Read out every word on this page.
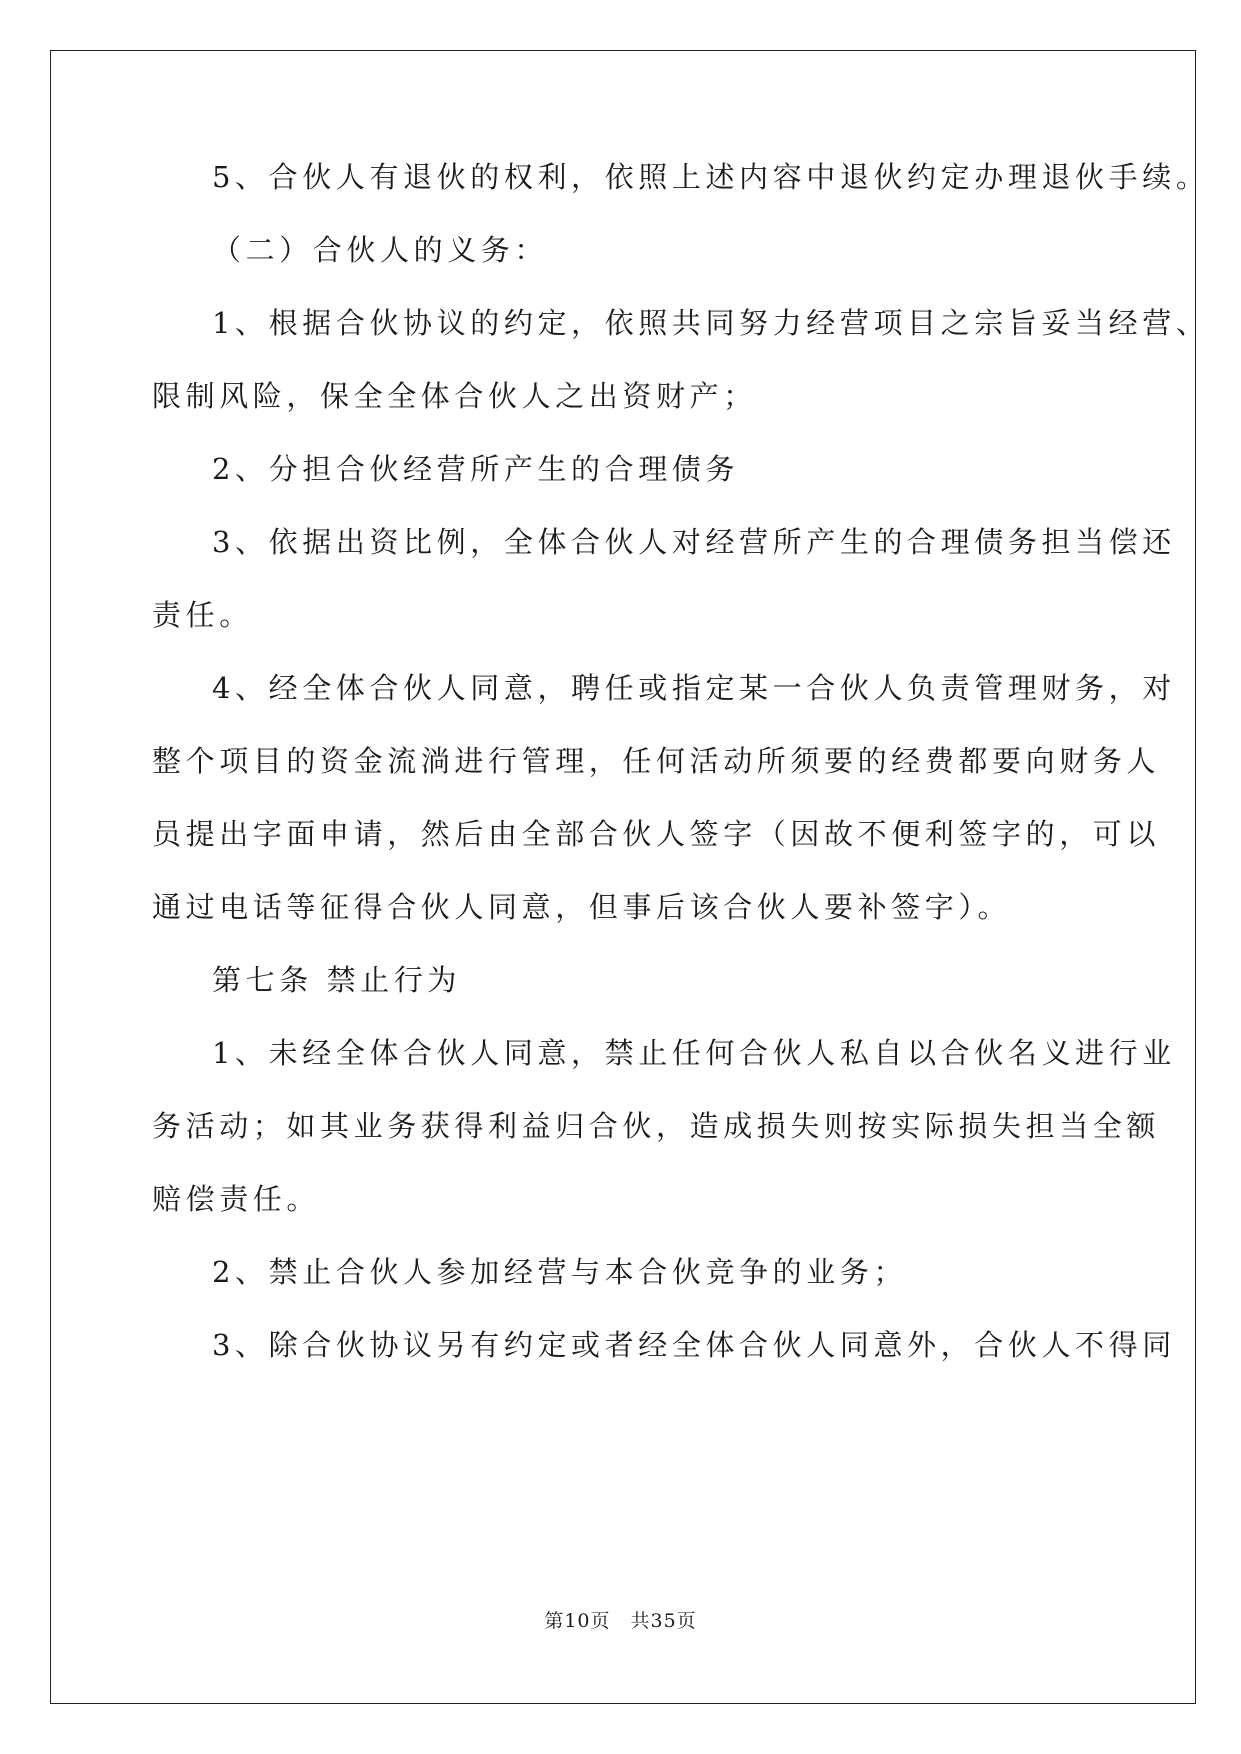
5、合伙人有退伙的权利，依照上述内容中退伙约定办理退伙手续。
（二）合伙人的义务：
1、根据合伙协议的约定，依照共同努力经营项目之宗旨妥当经营、
限制风险，保全全体合伙人之出资财产；
2、分担合伙经营所产生的合理债务
3、依据出资比例，全体合伙人对经营所产生的合理债务担当偿还
责任。
4、经全体合伙人同意，聘任或指定某一合伙人负责管理财务，对
整个项目的资金流淌进行管理，任何活动所须要的经费都要向财务人
员提出字面申请，然后由全部合伙人签字（因故不便利签字的，可以
通过电话等征得合伙人同意，但事后该合伙人要补签字）。
第七条 禁止行为
1、未经全体合伙人同意，禁止任何合伙人私自以合伙名义进行业
务活动；如其业务获得利益归合伙，造成损失则按实际损失担当全额
赔偿责任。
2、禁止合伙人参加经营与本合伙竞争的业务；
3、除合伙协议另有约定或者经全体合伙人同意外，合伙人不得同
第10页　共35页
